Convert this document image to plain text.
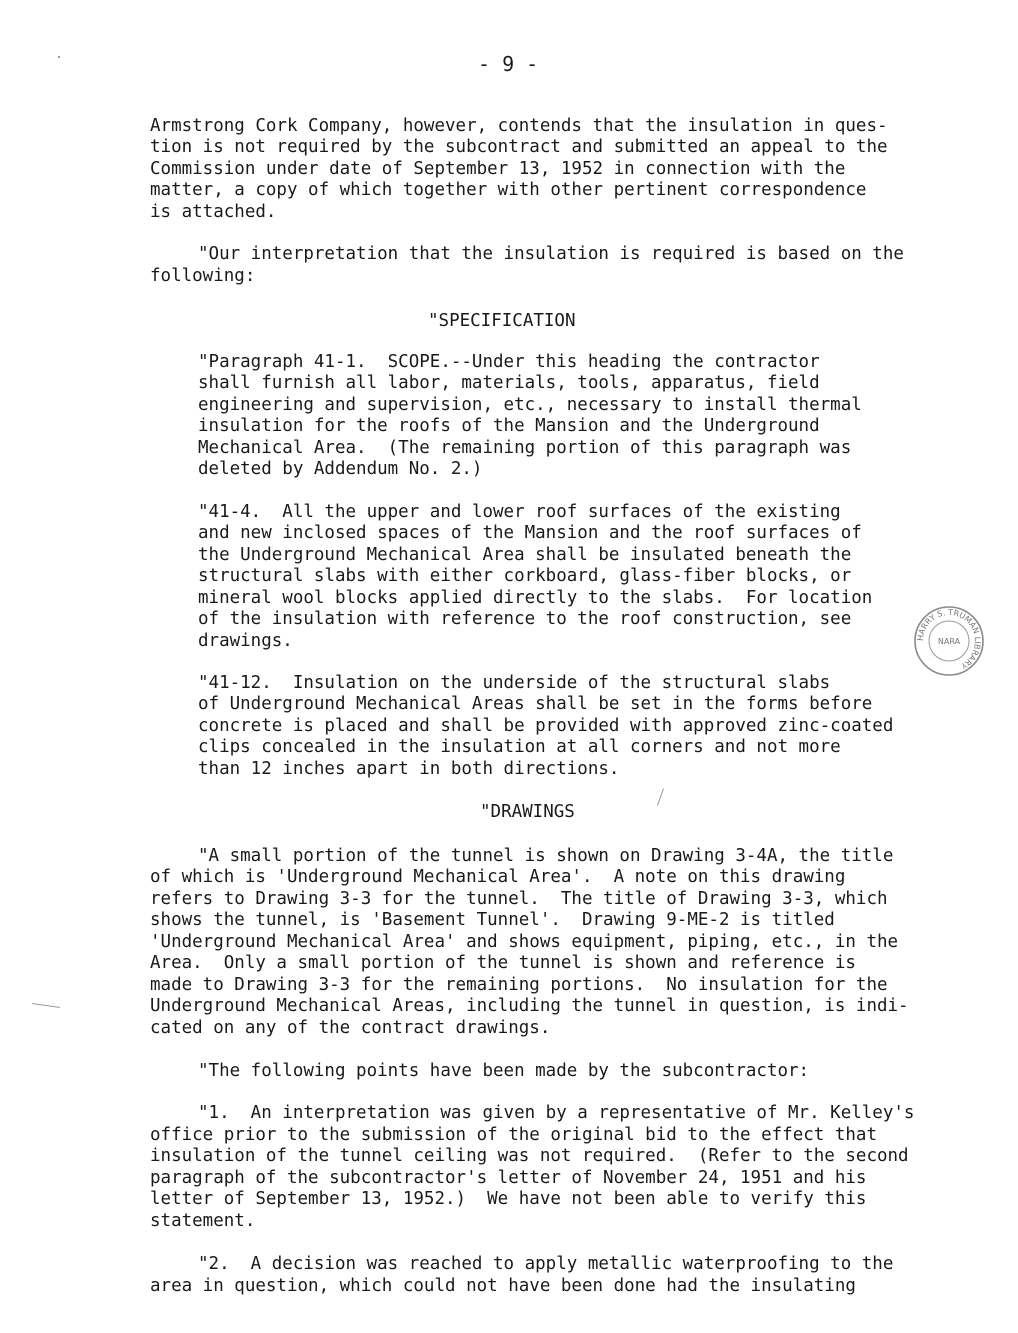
- 9 -
Armstrong Cork Company, however, contends that the insulation in ques-
tion is not required by the subcontract and submitted an appeal to the
Commission under date of September 13, 1952 in connection with the
matter, a copy of which together with other pertinent correspondence
is attached.
"Our interpretation that the insulation is required is based on the
following:
"SPECIFICATION
"Paragraph 41-1.  SCOPE.--Under this heading the contractor
shall furnish all labor, materials, tools, apparatus, field
engineering and supervision, etc., necessary to install thermal
insulation for the roofs of the Mansion and the Underground
Mechanical Area.  (The remaining portion of this paragraph was
deleted by Addendum No. 2.)
"41-4.  All the upper and lower roof surfaces of the existing
and new inclosed spaces of the Mansion and the roof surfaces of
the Underground Mechanical Area shall be insulated beneath the
structural slabs with either corkboard, glass-fiber blocks, or
mineral wool blocks applied directly to the slabs.  For location
of the insulation with reference to the roof construction, see
drawings.
"41-12.  Insulation on the underside of the structural slabs
of Underground Mechanical Areas shall be set in the forms before
concrete is placed and shall be provided with approved zinc-coated
clips concealed in the insulation at all corners and not more
than 12 inches apart in both directions.
"DRAWINGS
"A small portion of the tunnel is shown on Drawing 3-4A, the title
of which is 'Underground Mechanical Area'.  A note on this drawing
refers to Drawing 3-3 for the tunnel.  The title of Drawing 3-3, which
shows the tunnel, is 'Basement Tunnel'.  Drawing 9-ME-2 is titled
'Underground Mechanical Area' and shows equipment, piping, etc., in the
Area.  Only a small portion of the tunnel is shown and reference is
made to Drawing 3-3 for the remaining portions.  No insulation for the
Underground Mechanical Areas, including the tunnel in question, is indi-
cated on any of the contract drawings.
"The following points have been made by the subcontractor:
"1.  An interpretation was given by a representative of Mr. Kelley's
office prior to the submission of the original bid to the effect that
insulation of the tunnel ceiling was not required.  (Refer to the second
paragraph of the subcontractor's letter of November 24, 1951 and his
letter of September 13, 1952.)  We have not been able to verify this
statement.
"2.  A decision was reached to apply metallic waterproofing to the
area in question, which could not have been done had the insulating
HARRY S. TRUMAN LIBRARY
NARA
